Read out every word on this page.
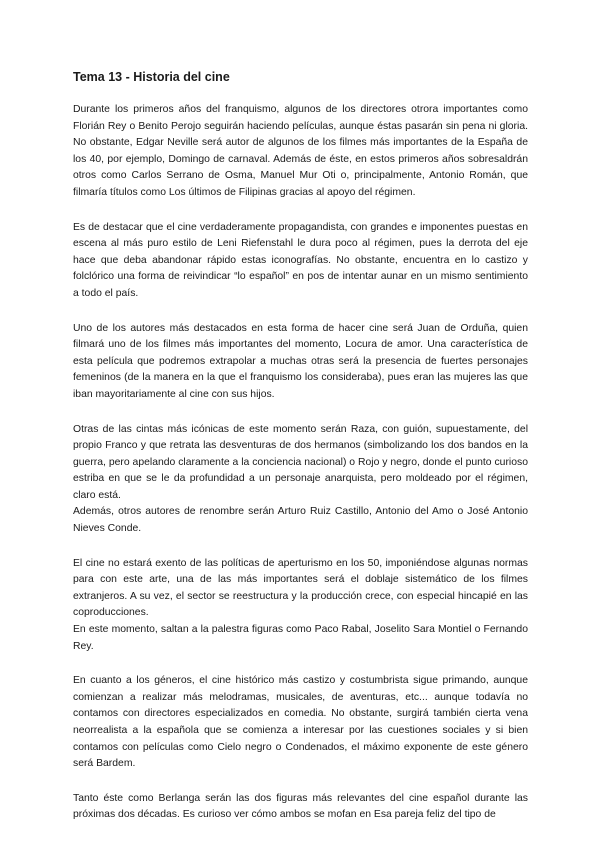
Tema 13 - Historia del cine

Durante los primeros años del franquismo, algunos de los directores otrora importantes como Florián Rey o Benito Perojo seguirán haciendo películas, aunque éstas pasarán sin pena ni gloria. No obstante, Edgar Neville será autor de algunos de los filmes más importantes de la España de los 40, por ejemplo, Domingo de carnaval. Además de éste, en estos primeros años sobresaldrán otros como Carlos Serrano de Osma, Manuel Mur Oti o, principalmente, Antonio Román, que filmaría títulos como Los últimos de Filipinas gracias al apoyo del régimen.

Es de destacar que el cine verdaderamente propagandista, con grandes e imponentes puestas en escena al más puro estilo de Leni Riefenstahl le dura poco al régimen, pues la derrota del eje hace que deba abandonar rápido estas iconografías. No obstante, encuentra en lo castizo y folclórico una forma de reivindicar “lo español” en pos de intentar aunar en un mismo sentimiento a todo el país.

Uno de los autores más destacados en esta forma de hacer cine será Juan de Orduña, quien filmará uno de los filmes más importantes del momento, Locura de amor. Una característica de esta película que podremos extrapolar a muchas otras será la presencia de fuertes personajes femeninos (de la manera en la que el franquismo los consideraba), pues eran las mujeres las que iban mayoritariamente al cine con sus hijos.

Otras de las cintas más icónicas de este momento serán Raza, con guión, supuestamente, del propio Franco y que retrata las desventuras de dos hermanos (simbolizando los dos bandos en la guerra, pero apelando claramente a la conciencia nacional) o Rojo y negro, donde el punto curioso estriba en que se le da profundidad a un personaje anarquista, pero moldeado por el régimen, claro está.

Además, otros autores de renombre serán Arturo Ruiz Castillo, Antonio del Amo o José Antonio Nieves Conde.

El cine no estará exento de las políticas de aperturismo en los 50, imponiéndose algunas normas para con este arte, una de las más importantes será el doblaje sistemático de los filmes extranjeros. A su vez, el sector se reestructura y la producción crece, con especial hincapié en las coproducciones.

En este momento, saltan a la palestra figuras como Paco Rabal, Joselito Sara Montiel o Fernando Rey.

En cuanto a los géneros, el cine histórico más castizo y costumbrista sigue primando, aunque comienzan a realizar más melodramas, musicales, de aventuras, etc... aunque todavía no contamos con directores especializados en comedia. No obstante, surgirá también cierta vena neorrealista a la española que se comienza a interesar por las cuestiones sociales y si bien contamos con películas como Cielo negro o Condenados, el máximo exponente de este género será Bardem.

Tanto éste como Berlanga serán las dos figuras más relevantes del cine español durante las próximas dos décadas. Es curioso ver cómo ambos se mofan en Esa pareja feliz del tipo de
